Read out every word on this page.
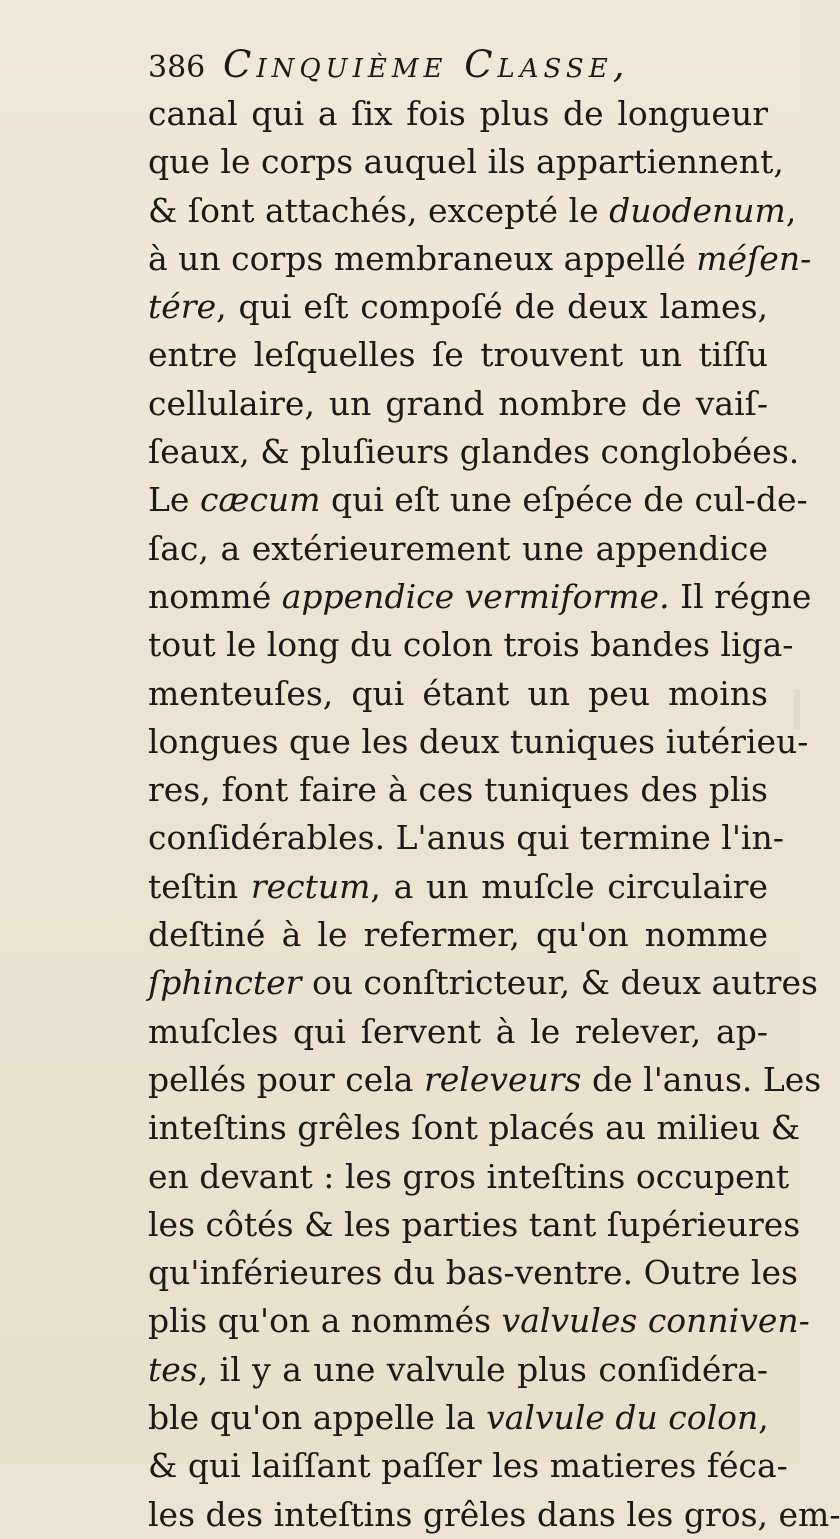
386 Cinquième Classe,
canal qui a ſix fois plus de longueur
que le corps auquel ils appartiennent,
& ſont attachés, excepté le duodenum,
à un corps membraneux appellé méſen-
tére, qui eſt compoſé de deux lames,
entre leſquelles ſe trouvent un tiſſu
cellulaire, un grand nombre de vaiſ-
ſeaux, & pluſieurs glandes conglobées.
Le cæcum qui eſt une eſpéce de cul-de-
ſac, a extérieurement une appendice
nommé appendice vermiforme. Il régne
tout le long du colon trois bandes liga-
menteuſes, qui étant un peu moins
longues que les deux tuniques iutérieu-
res, font faire à ces tuniques des plis
conſidérables. L'anus qui termine l'in-
teſtin rectum, a un muſcle circulaire
deſtiné à le refermer, qu'on nomme
ſphincter ou conſtricteur, & deux autres
muſcles qui ſervent à le relever, ap-
pellés pour cela releveurs de l'anus. Les
inteſtins grêles ſont placés au milieu &
en devant : les gros inteſtins occupent
les côtés & les parties tant ſupérieures
qu'inférieures du bas-ventre. Outre les
plis qu'on a nommés valvules conniven-
tes, il y a une valvule plus conſidéra-
ble qu'on appelle la valvule du colon,
& qui laiſſant paſſer les matieres féca-
les des inteſtins grêles dans les gros, em-
